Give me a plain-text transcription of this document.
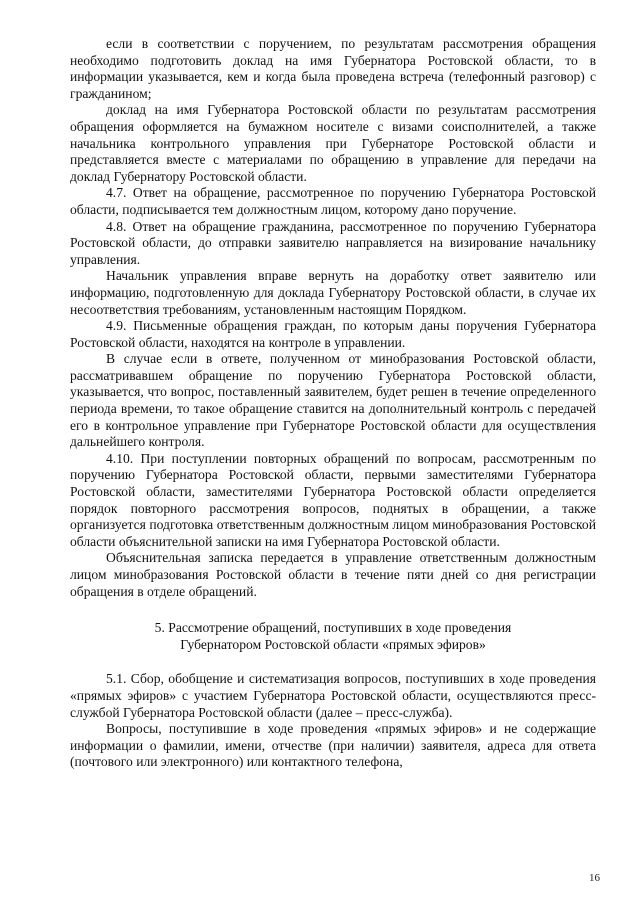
если в соответствии с поручением, по результатам рассмотрения обращения необходимо подготовить доклад на имя Губернатора Ростовской области, то в информации указывается, кем и когда была проведена встреча (телефонный разговор) с гражданином;

доклад на имя Губернатора Ростовской области по результатам рассмотрения обращения оформляется на бумажном носителе с визами соисполнителей, а также начальника контрольного управления при Губернаторе Ростовской области и представляется вместе с материалами по обращению в управление для передачи на доклад Губернатору Ростовской области.

4.7. Ответ на обращение, рассмотренное по поручению Губернатора Ростовской области, подписывается тем должностным лицом, которому дано поручение.

4.8. Ответ на обращение гражданина, рассмотренное по поручению Губернатора Ростовской области, до отправки заявителю направляется на визирование начальнику управления.

Начальник управления вправе вернуть на доработку ответ заявителю или информацию, подготовленную для доклада Губернатору Ростовской области, в случае их несоответствия требованиям, установленным настоящим Порядком.

4.9. Письменные обращения граждан, по которым даны поручения Губернатора Ростовской области, находятся на контроле в управлении.

В случае если в ответе, полученном от минобразования Ростовской области, рассматривавшем обращение по поручению Губернатора Ростовской области, указывается, что вопрос, поставленный заявителем, будет решен в течение определенного периода времени, то такое обращение ставится на дополнительный контроль с передачей его в контрольное управление при Губернаторе Ростовской области для осуществления дальнейшего контроля.

4.10. При поступлении повторных обращений по вопросам, рассмотренным по поручению Губернатора Ростовской области, первыми заместителями Губернатора Ростовской области, заместителями Губернатора Ростовской области определяется порядок повторного рассмотрения вопросов, поднятых в обращении, а также организуется подготовка ответственным должностным лицом минобразования Ростовской области объяснительной записки на имя Губернатора Ростовской области.

Объяснительная записка передается в управление ответственным должностным лицом минобразования Ростовской области в течение пяти дней со дня регистрации обращения в отделе обращений.

5. Рассмотрение обращений, поступивших в ходе проведения
Губернатором Ростовской области «прямых эфиров»

5.1. Сбор, обобщение и систематизация вопросов, поступивших в ходе проведения «прямых эфиров» с участием Губернатора Ростовской области, осуществляются пресс-службой Губернатора Ростовской области (далее – пресс-служба).

Вопросы, поступившие в ходе проведения «прямых эфиров» и не содержащие информации о фамилии, имени, отчестве (при наличии) заявителя, адреса для ответа (почтового или электронного) или контактного телефона,

16
